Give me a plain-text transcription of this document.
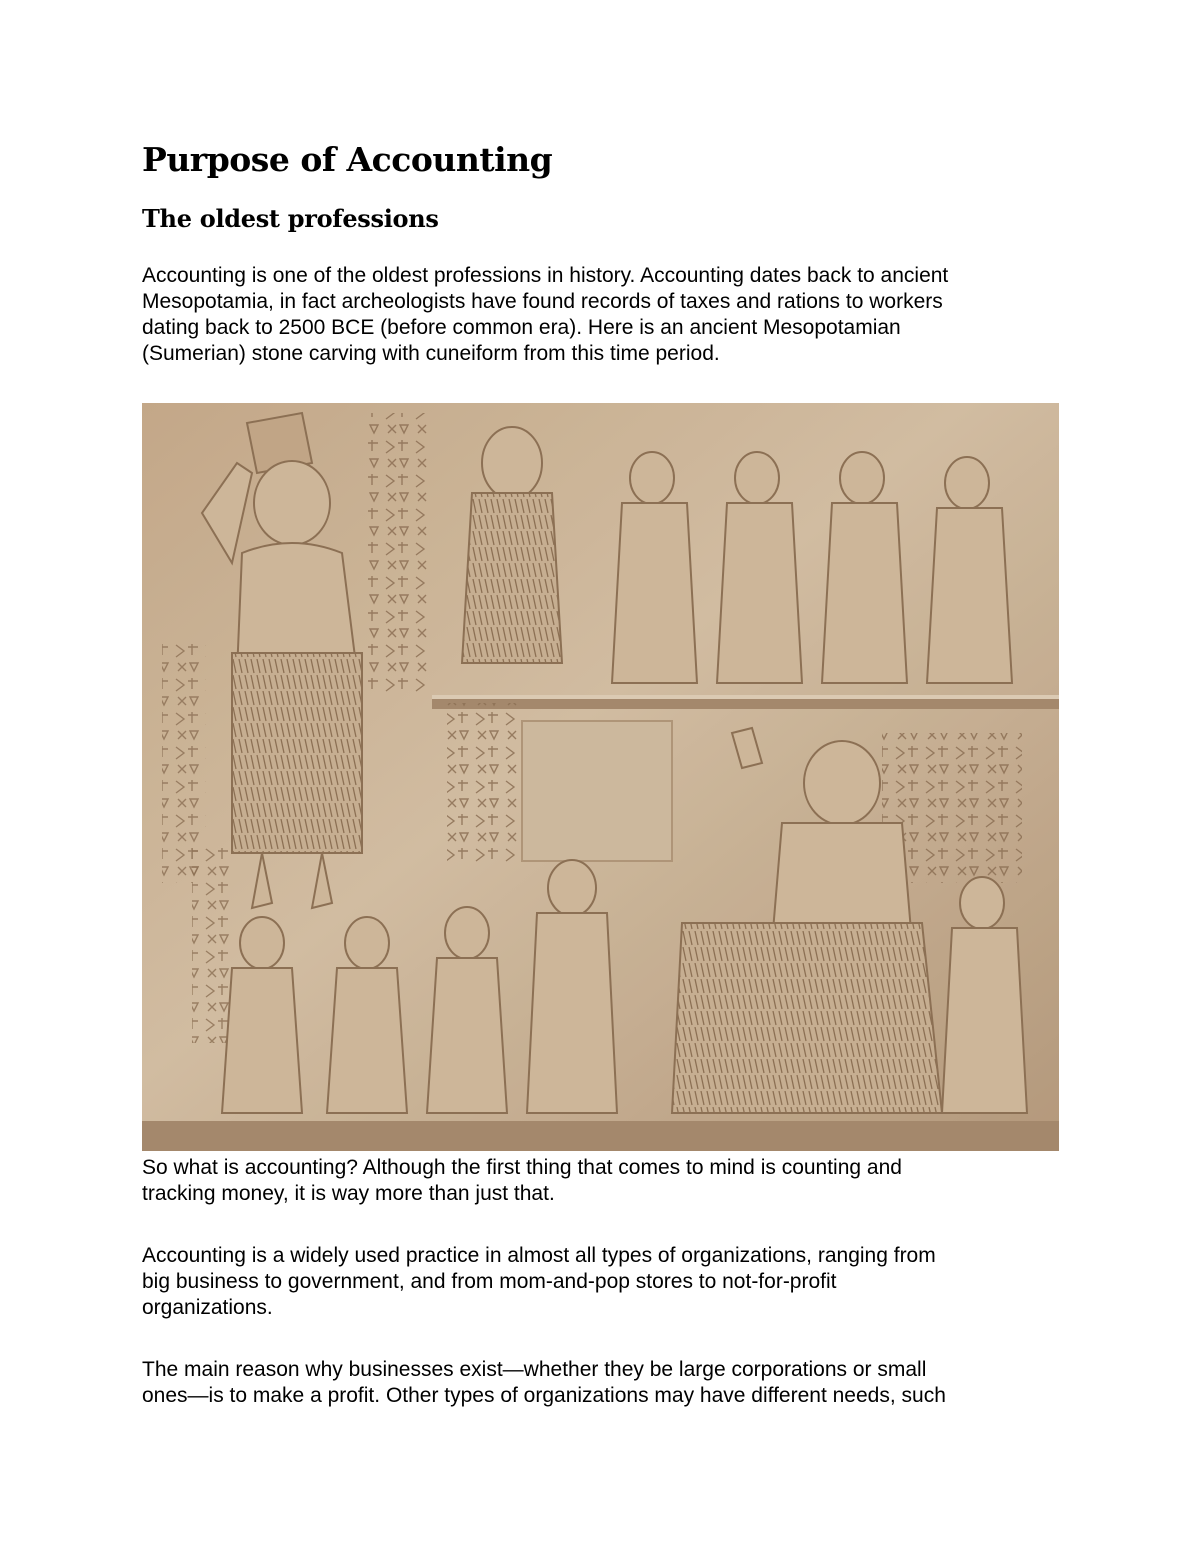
Purpose of Accounting
The oldest professions

Accounting is one of the oldest professions in history. Accounting dates back to ancient
Mesopotamia, in fact archeologists have found records of taxes and rations to workers
dating back to 2500 BCE (before common era). Here is an ancient Mesopotamian
(Sumerian) stone carving with cuneiform from this time period.

So what is accounting? Although the first thing that comes to mind is counting and
tracking money, it is way more than just that.

Accounting is a widely used practice in almost all types of organizations, ranging from
big business to government, and from mom-and-pop stores to not-for-profit
organizations.

The main reason why businesses exist—whether they be large corporations or small
ones—is to make a profit. Other types of organizations may have different needs, such
